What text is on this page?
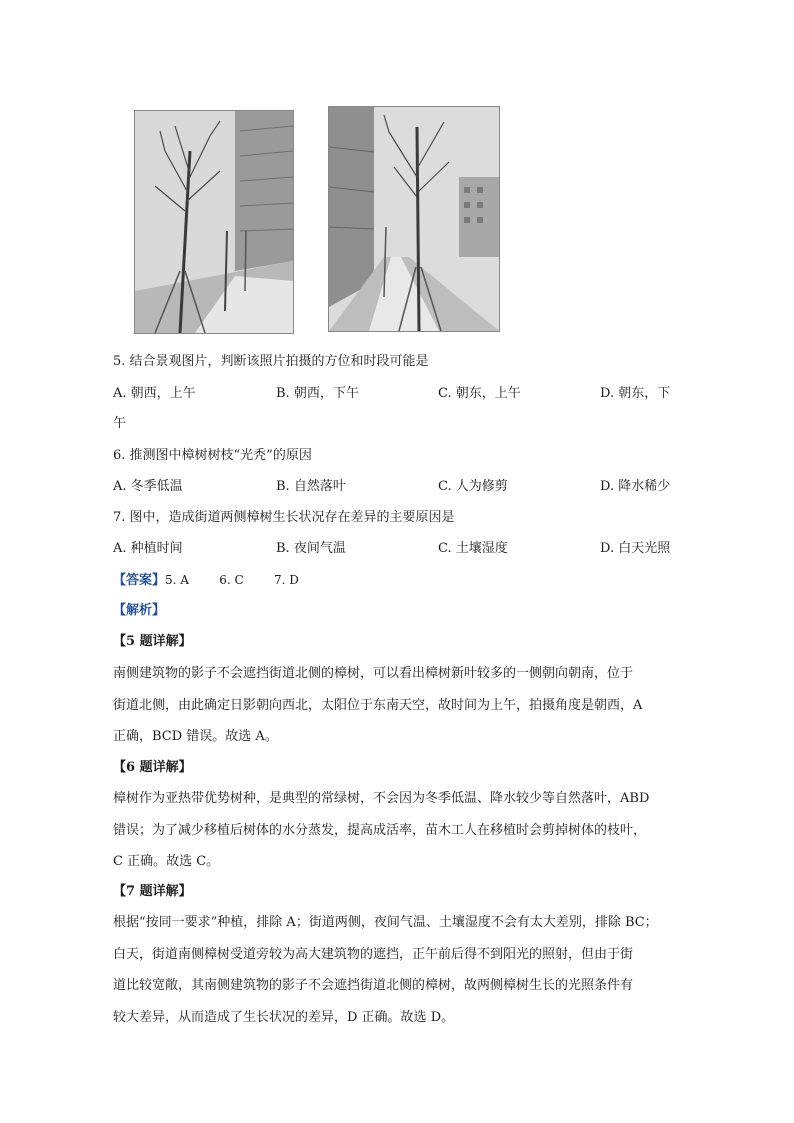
5. 结合景观图片，判断该照片拍摄的方位和时段可能是
A. 朝西，上午	B. 朝西，下午	C. 朝东，上午	D. 朝东，下
午
6. 推测图中樟树树枝“光秃”的原因
A. 冬季低温	B. 自然落叶	C. 人为修剪	D. 降水稀少
7. 图中，造成街道两侧樟树生长状况存在差异的主要原因是
A. 种植时间	B. 夜间气温	C. 土壤湿度	D. 白天光照
【答案】5. A	6. C	7. D
【解析】
【5 题详解】
南侧建筑物的影子不会遮挡街道北侧的樟树，可以看出樟树新叶较多的一侧朝向朝南，位于
街道北侧，由此确定日影朝向西北，太阳位于东南天空，故时间为上午，拍摄角度是朝西，A
正确，BCD 错误。故选 A。
【6 题详解】
樟树作为亚热带优势树种，是典型的常绿树，不会因为冬季低温、降水较少等自然落叶，ABD
错误；为了减少移植后树体的水分蒸发，提高成活率，苗木工人在移植时会剪掉树体的枝叶，
C 正确。故选 C。
【7 题详解】
根据“按同一要求”种植，排除 A；街道两侧，夜间气温、土壤湿度不会有太大差别，排除 BC；
白天，街道南侧樟树受道旁较为高大建筑物的遮挡，正午前后得不到阳光的照射，但由于街
道比较宽敞，其南侧建筑物的影子不会遮挡街道北侧的樟树，故两侧樟树生长的光照条件有
较大差异，从而造成了生长状况的差异，D 正确。故选 D。
